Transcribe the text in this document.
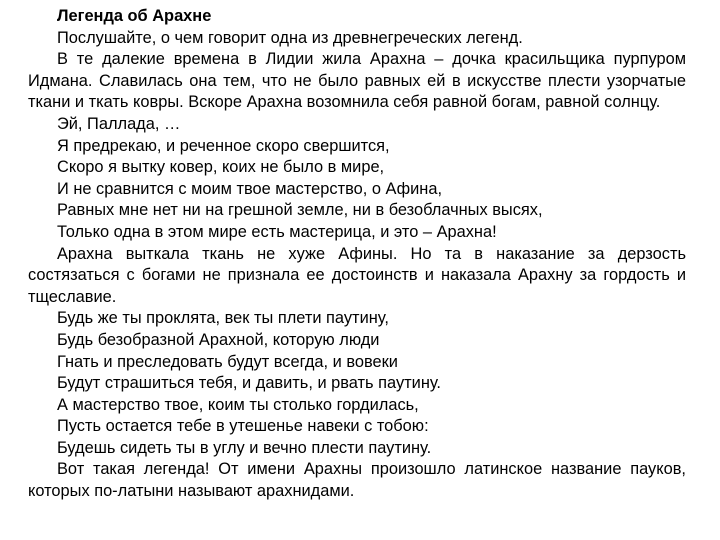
Легенда об Арахне

Послушайте, о чем говорит одна из древнегреческих легенд.

В те далекие времена в Лидии жила Арахна – дочка красильщика пурпуром Идмана. Славилась она тем, что не было равных ей в искусстве плести узорчатые ткани и ткать ковры. Вскоре Арахна возомнила себя равной богам, равной солнцу.

Эй, Паллада, …

Я предрекаю, и реченное скоро свершится,

Скоро я вытку ковер, коих не было в мире,

И не сравнится с моим твое мастерство, о Афина,

Равных мне нет ни на грешной земле, ни в безоблачных высях,

Только одна в этом мире есть мастерица, и это – Арахна!

Арахна выткала ткань не хуже Афины. Но та в наказание за дерзость состязаться с богами не признала ее достоинств и наказала Арахну за гордость и тщеславие.

Будь же ты проклята, век ты плети паутину,

Будь безобразной Арахной, которую люди

Гнать и преследовать будут всегда, и вовеки

Будут страшиться тебя, и давить, и рвать паутину.

А мастерство твое, коим ты столько гордилась,

Пусть остается тебе в утешенье навеки с тобою:

Будешь сидеть ты в углу и вечно плести паутину.

Вот такая легенда! От имени Арахны произошло латинское название пауков, которых по-латыни называют арахнидами.
